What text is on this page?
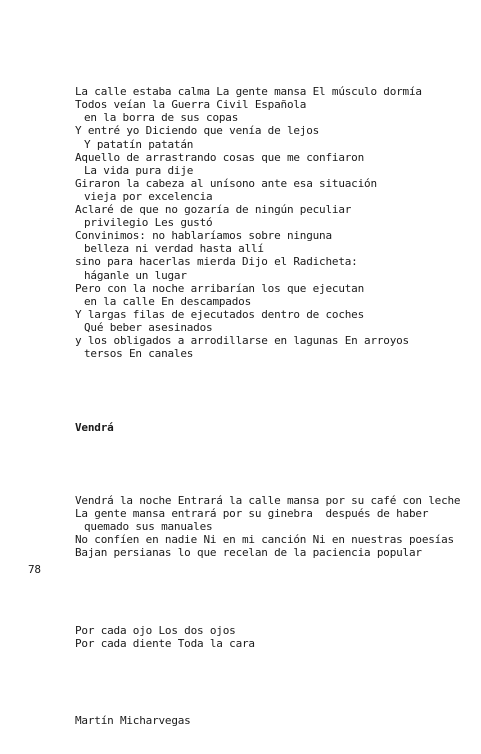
La calle estaba calma La gente mansa El músculo dormía
Todos veían la Guerra Civil Española
en la borra de sus copas
Y entré yo Diciendo que venía de lejos
Y patatín patatán
Aquello de arrastrando cosas que me confiaron
La vida pura dije
Giraron la cabeza al unísono ante esa situación
vieja por excelencia
Aclaré de que no gozaría de ningún peculiar
privilegio Les gustó
Convinimos: no hablaríamos sobre ninguna
belleza ni verdad hasta allí
sino para hacerlas mierda Dijo el Radicheta:
háganle un lugar
Pero con la noche arribarían los que ejecutan
en la calle En descampados
Y largas filas de ejecutados dentro de coches
Qué beber asesinados
y los obligados a arrodillarse en lagunas En arroyos
tersos En canales

Vendrá

Vendrá la noche Entrará la calle mansa por su café con leche
La gente mansa entrará por su ginebra  después de haber
quemado sus manuales
No confíen en nadie Ni en mi canción Ni en nuestras poesías
Bajan persianas lo que recelan de la paciencia popular

Por cada ojo Los dos ojos
Por cada diente Toda la cara

Martín Micharvegas

78
